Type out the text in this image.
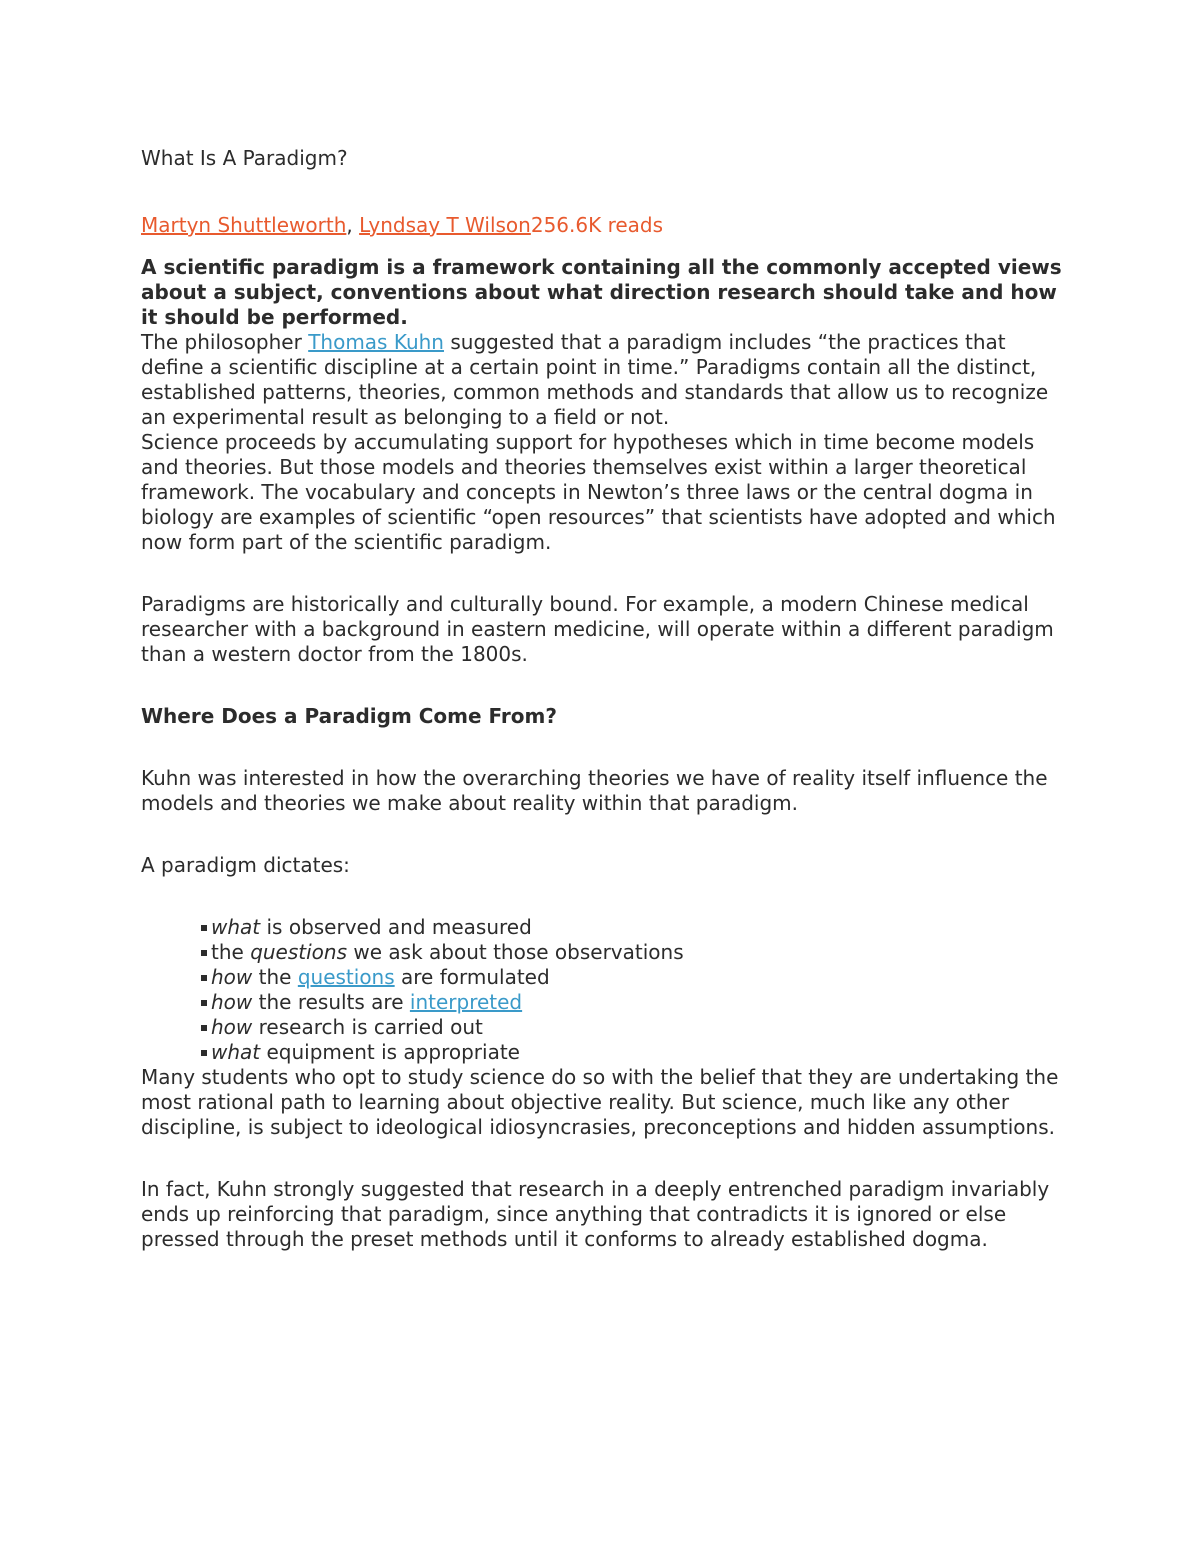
What Is A Paradigm?

Martyn Shuttleworth, Lyndsay T Wilson256.6K reads

A scientific paradigm is a framework containing all the commonly accepted views about a subject, conventions about what direction research should take and how it should be performed.

The philosopher Thomas Kuhn suggested that a paradigm includes “the practices that define a scientific discipline at a certain point in time.” Paradigms contain all the distinct, established patterns, theories, common methods and standards that allow us to recognize an experimental result as belonging to a field or not.

Science proceeds by accumulating support for hypotheses which in time become models and theories. But those models and theories themselves exist within a larger theoretical framework. The vocabulary and concepts in Newton’s three laws or the central dogma in biology are examples of scientific “open resources” that scientists have adopted and which now form part of the scientific paradigm.

Paradigms are historically and culturally bound. For example, a modern Chinese medical researcher with a background in eastern medicine, will operate within a different paradigm than a western doctor from the 1800s.

Where Does a Paradigm Come From?

Kuhn was interested in how the overarching theories we have of reality itself influence the models and theories we make about reality within that paradigm.

A paradigm dictates:

what is observed and measured
the questions we ask about those observations
how the questions are formulated
how the results are interpreted
how research is carried out
what equipment is appropriate

Many students who opt to study science do so with the belief that they are undertaking the most rational path to learning about objective reality. But science, much like any other discipline, is subject to ideological idiosyncrasies, preconceptions and hidden assumptions.

In fact, Kuhn strongly suggested that research in a deeply entrenched paradigm invariably ends up reinforcing that paradigm, since anything that contradicts it is ignored or else pressed through the preset methods until it conforms to already established dogma.
